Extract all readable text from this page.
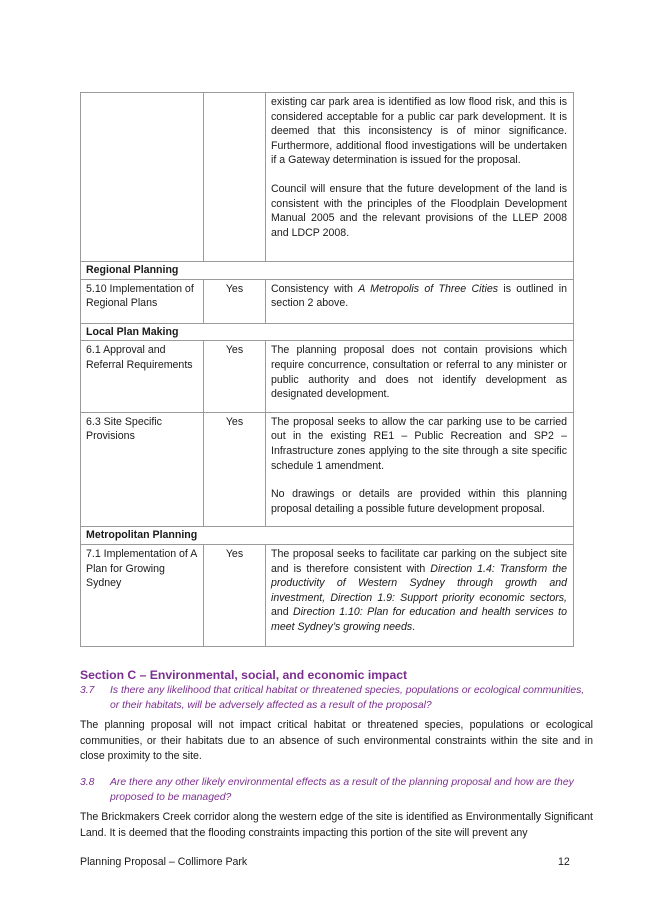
		existing car park area is identified as low flood risk, and this is considered acceptable for a public car park development. It is deemed that this inconsistency is of minor significance. Furthermore, additional flood investigations will be undertaken if a Gateway determination is issued for the proposal.

Council will ensure that the future development of the land is consistent with the principles of the Floodplain Development Manual 2005 and the relevant provisions of the LLEP 2008 and LDCP 2008.

Regional Planning		
5.10 Implementation of Regional Plans	Yes	Consistency with A Metropolis of Three Cities is outlined in section 2 above.
Local Plan Making		
6.1 Approval and Referral Requirements	Yes	The planning proposal does not contain provisions which require concurrence, consultation or referral to any minister or public authority and does not identify development as designated development.

6.3 Site Specific Provisions	Yes	The proposal seeks to allow the car parking use to be carried out in the existing RE1 – Public Recreation and SP2 – Infrastructure zones applying to the site through a site specific schedule 1 amendment.

No drawings or details are provided within this planning proposal detailing a possible future development proposal.

Metropolitan Planning		
7.1 Implementation of A Plan for Growing Sydney	Yes	The proposal seeks to facilitate car parking on the subject site and is therefore consistent with Direction 1.4: Transform the productivity of Western Sydney through growth and investment, Direction 1.9: Support priority economic sectors, and Direction 1.10: Plan for education and health services to meet Sydney’s growing needs.
Section C – Environmental, social, and economic impact
3.7	Is there any likelihood that critical habitat or threatened species, populations or ecological communities, or their habitats, will be adversely affected as a result of the proposal?
The planning proposal will not impact critical habitat or threatened species, populations or ecological communities, or their habitats due to an absence of such environmental constraints within the site and in close proximity to the site.
3.8	Are there any other likely environmental effects as a result of the planning proposal and how are they proposed to be managed?
The Brickmakers Creek corridor along the western edge of the site is identified as Environmentally Significant Land. It is deemed that the flooding constraints impacting this portion of the site will prevent any
Planning Proposal – Collimore Park	12
